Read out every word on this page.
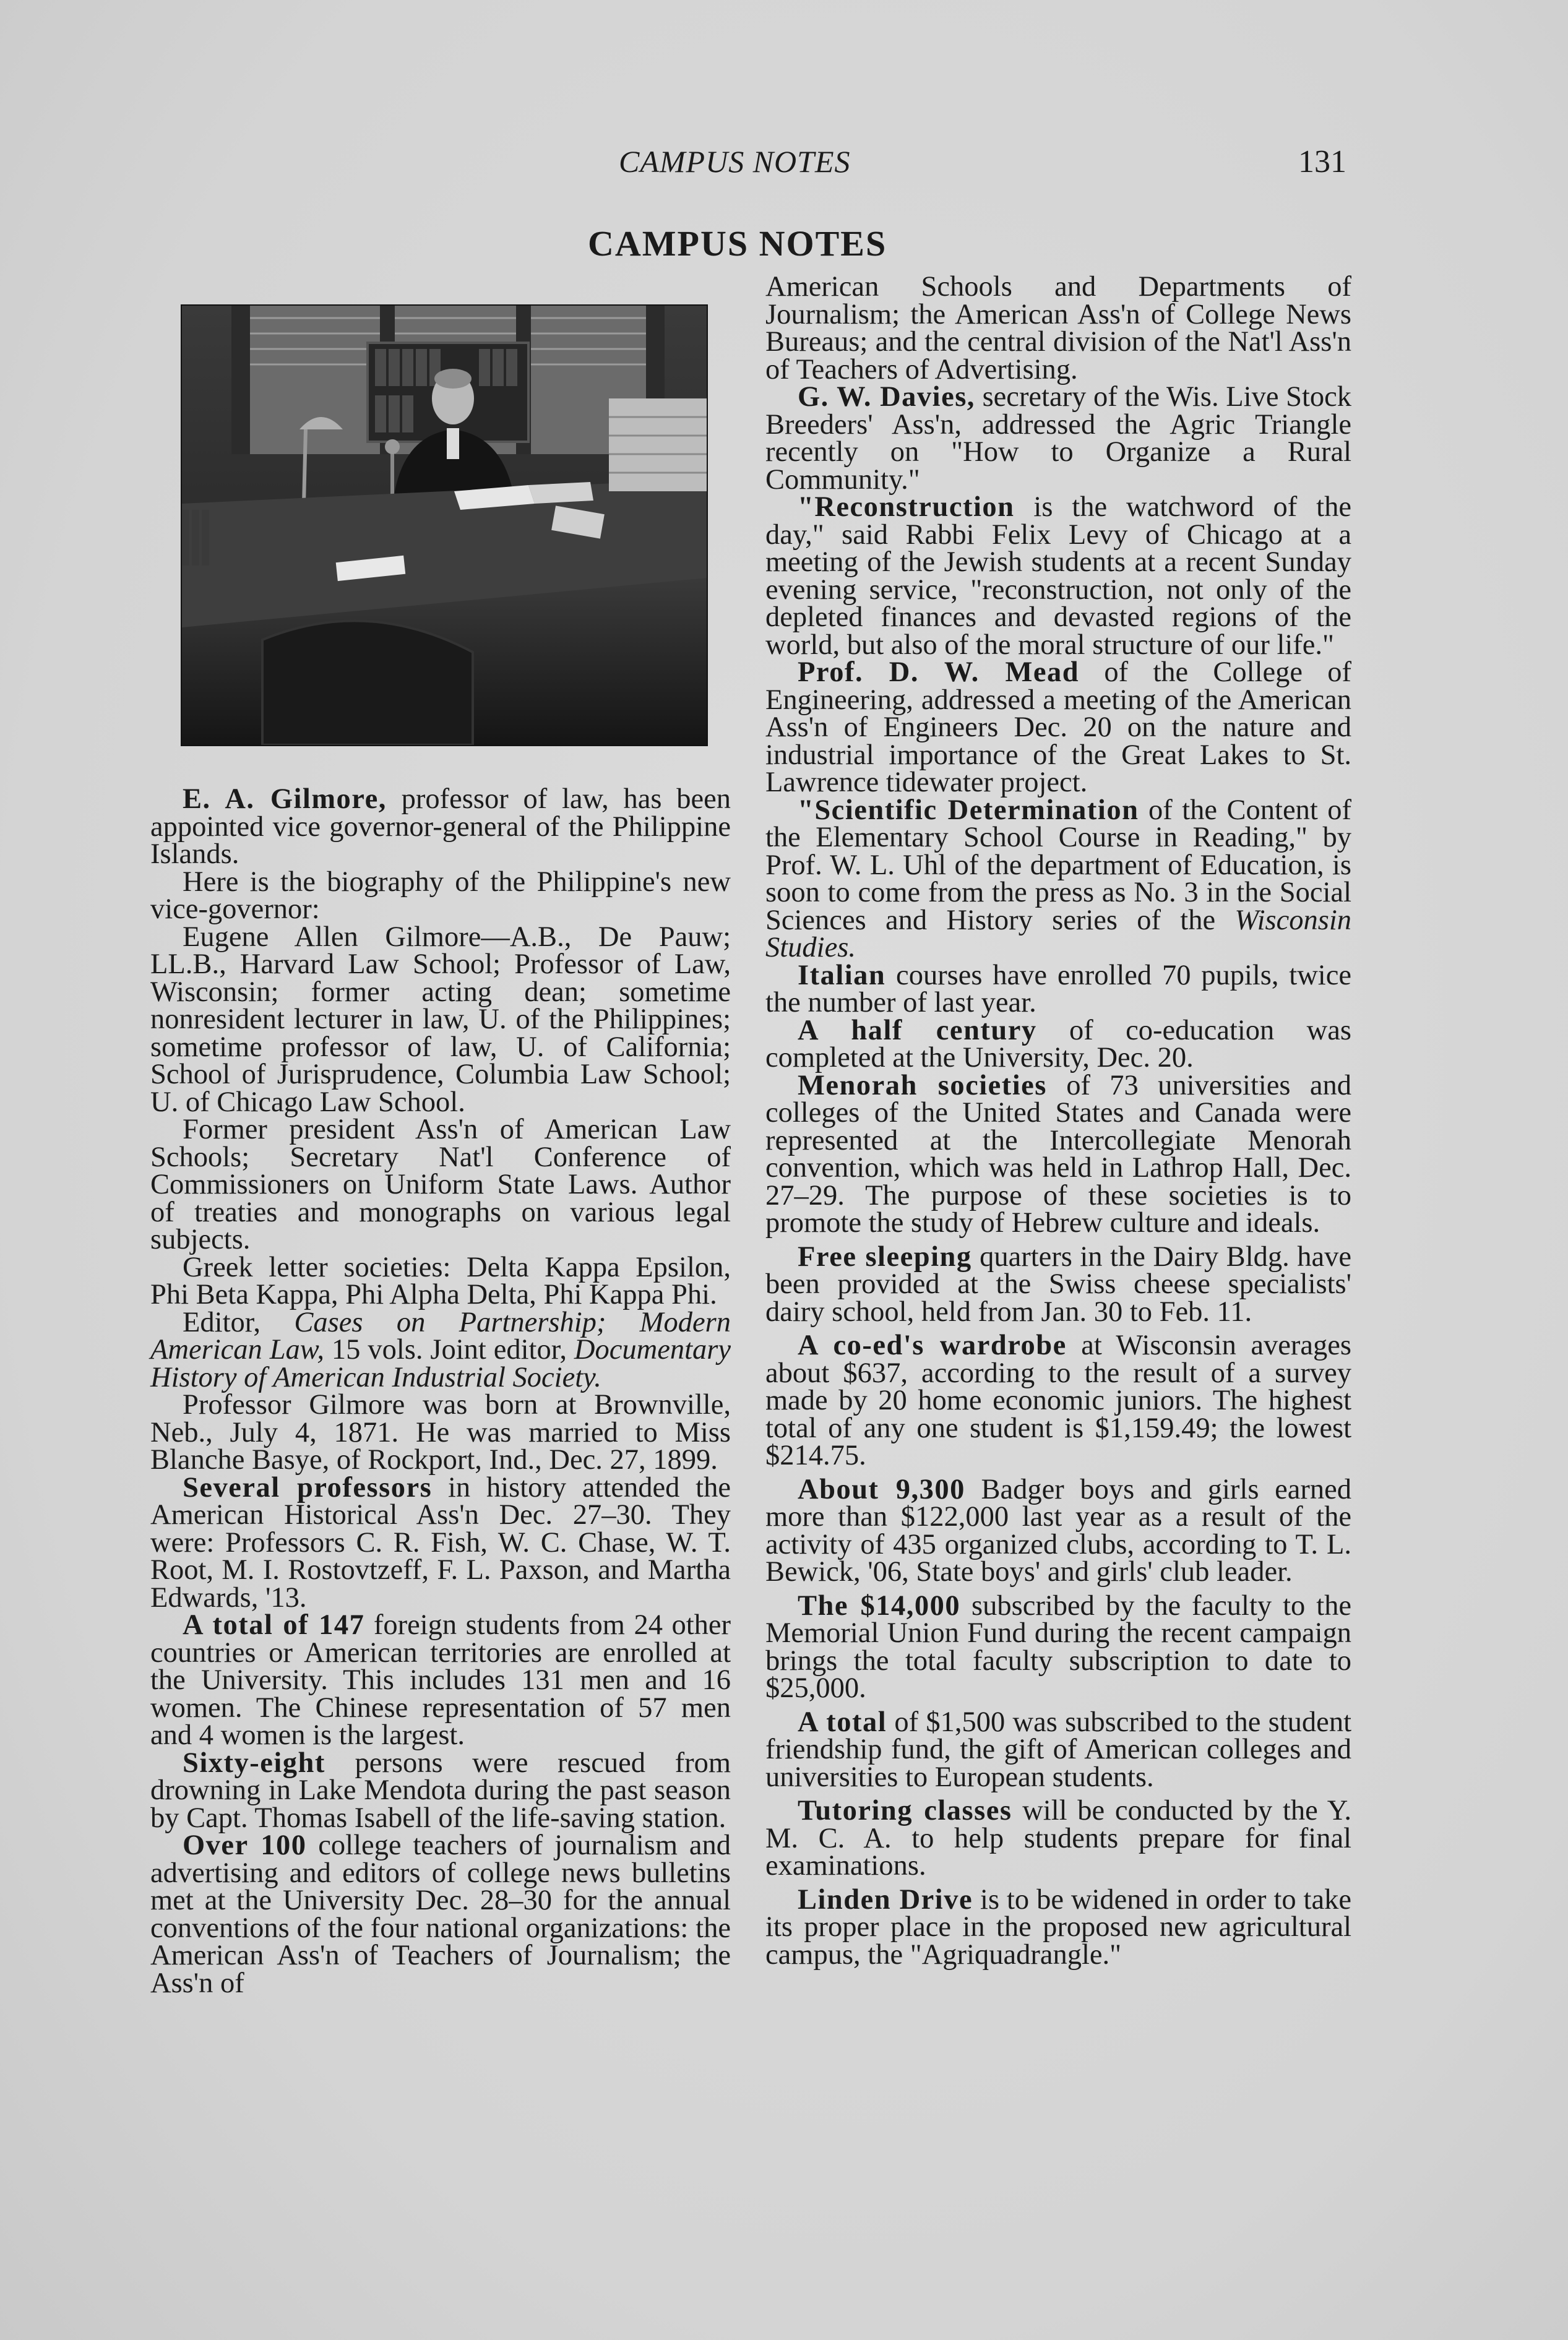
CAMPUS NOTES	131
CAMPUS NOTES

E. A. Gilmore, professor of law, has been appointed vice governor-general of the Philippine Islands.

Here is the biography of the Philippine's new vice-governor:

Eugene Allen Gilmore—A.B., De Pauw; LL.B., Harvard Law School; Professor of Law, Wisconsin; former acting dean; sometime nonresident lecturer in law, U. of the Philippines; sometime professor of law, U. of California; School of Jurisprudence, Columbia Law School; U. of Chicago Law School.

Former president Ass'n of American Law Schools; Secretary Nat'l Conference of Commissioners on Uniform State Laws. Author of treaties and monographs on various legal subjects.

Greek letter societies: Delta Kappa Epsilon, Phi Beta Kappa, Phi Alpha Delta, Phi Kappa Phi.

Editor, Cases on Partnership; Modern American Law, 15 vols. Joint editor, Documentary History of American Industrial Society.

Professor Gilmore was born at Brownville, Neb., July 4, 1871. He was married to Miss Blanche Basye, of Rockport, Ind., Dec. 27, 1899.

Several professors in history attended the American Historical Ass'n Dec. 27–30. They were: Professors C. R. Fish, W. C. Chase, W. T. Root, M. I. Rostovtzeff, F. L. Paxson, and Martha Edwards, '13.

A total of 147 foreign students from 24 other countries or American territories are enrolled at the University. This includes 131 men and 16 women. The Chinese representation of 57 men and 4 women is the largest.

Sixty-eight persons were rescued from drowning in Lake Mendota during the past season by Capt. Thomas Isabell of the life-saving station.

Over 100 college teachers of journalism and advertising and editors of college news bulletins met at the University Dec. 28–30 for the annual conventions of the four national organizations: the American Ass'n of Teachers of Journalism; the Ass'n of

American Schools and Departments of Journalism; the American Ass'n of College News Bureaus; and the central division of the Nat'l Ass'n of Teachers of Advertising.

G. W. Davies, secretary of the Wis. Live Stock Breeders' Ass'n, addressed the Agric Triangle recently on "How to Organize a Rural Community."

"Reconstruction is the watchword of the day," said Rabbi Felix Levy of Chicago at a meeting of the Jewish students at a recent Sunday evening service, "reconstruction, not only of the depleted finances and devasted regions of the world, but also of the moral structure of our life."

Prof. D. W. Mead of the College of Engineering, addressed a meeting of the American Ass'n of Engineers Dec. 20 on the nature and industrial importance of the Great Lakes to St. Lawrence tidewater project.

"Scientific Determination of the Content of the Elementary School Course in Reading," by Prof. W. L. Uhl of the department of Education, is soon to come from the press as No. 3 in the Social Sciences and History series of the Wisconsin Studies.

Italian courses have enrolled 70 pupils, twice the number of last year.

A half century of co-education was completed at the University, Dec. 20.

Menorah societies of 73 universities and colleges of the United States and Canada were represented at the Intercollegiate Menorah convention, which was held in Lathrop Hall, Dec. 27–29. The purpose of these societies is to promote the study of Hebrew culture and ideals.

Free sleeping quarters in the Dairy Bldg. have been provided at the Swiss cheese specialists' dairy school, held from Jan. 30 to Feb. 11.

A co-ed's wardrobe at Wisconsin averages about $637, according to the result of a survey made by 20 home economic juniors. The highest total of any one student is $1,159.49; the lowest $214.75.

About 9,300 Badger boys and girls earned more than $122,000 last year as a result of the activity of 435 organized clubs, according to T. L. Bewick, '06, State boys' and girls' club leader.

The $14,000 subscribed by the faculty to the Memorial Union Fund during the recent campaign brings the total faculty subscription to date to $25,000.

A total of $1,500 was subscribed to the student friendship fund, the gift of American colleges and universities to European students.

Tutoring classes will be conducted by the Y. M. C. A. to help students prepare for final examinations.

Linden Drive is to be widened in order to take its proper place in the proposed new agricultural campus, the "Agriquadrangle."
